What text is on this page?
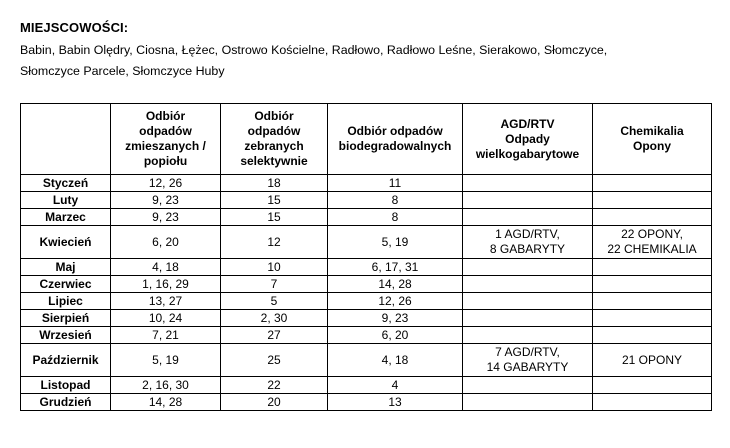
MIEJSCOWOŚCI:
Babin, Babin Olędry, Ciosna, Łężec, Ostrowo Kościelne, Radłowo, Radłowo Leśne, Sierakowo, Słomczyce,
Słomczyce Parcele, Słomczyce Huby

	Odbiór
odpadów
zmieszanych /
popiołu	Odbiór
odpadów
zebranych
selektywnie	Odbiór odpadów
biodegradowalnych	AGD/RTV
Odpady
wielkogabarytowe	Chemikalia
Opony

Styczeń	12, 26	18	11		
Luty	9, 23	15	8		
Marzec	9, 23	15	8		
Kwiecień	6, 20	12	5, 19	1 AGD/RTV,
8 GABARYTY	22 OPONY,
22 CHEMIKALIA

Maj	4, 18	10	6, 17, 31		
Czerwiec	1, 16, 29	7	14, 28		
Lipiec	13, 27	5	12, 26		
Sierpień	10, 24	2, 30	9, 23		
Wrzesień	7, 21	27	6, 20		
Październik	5, 19	25	4, 18	7 AGD/RTV,
14 GABARYTY	21 OPONY

Listopad	2, 16, 30	22	4		
Grudzień	14, 28	20	13		
